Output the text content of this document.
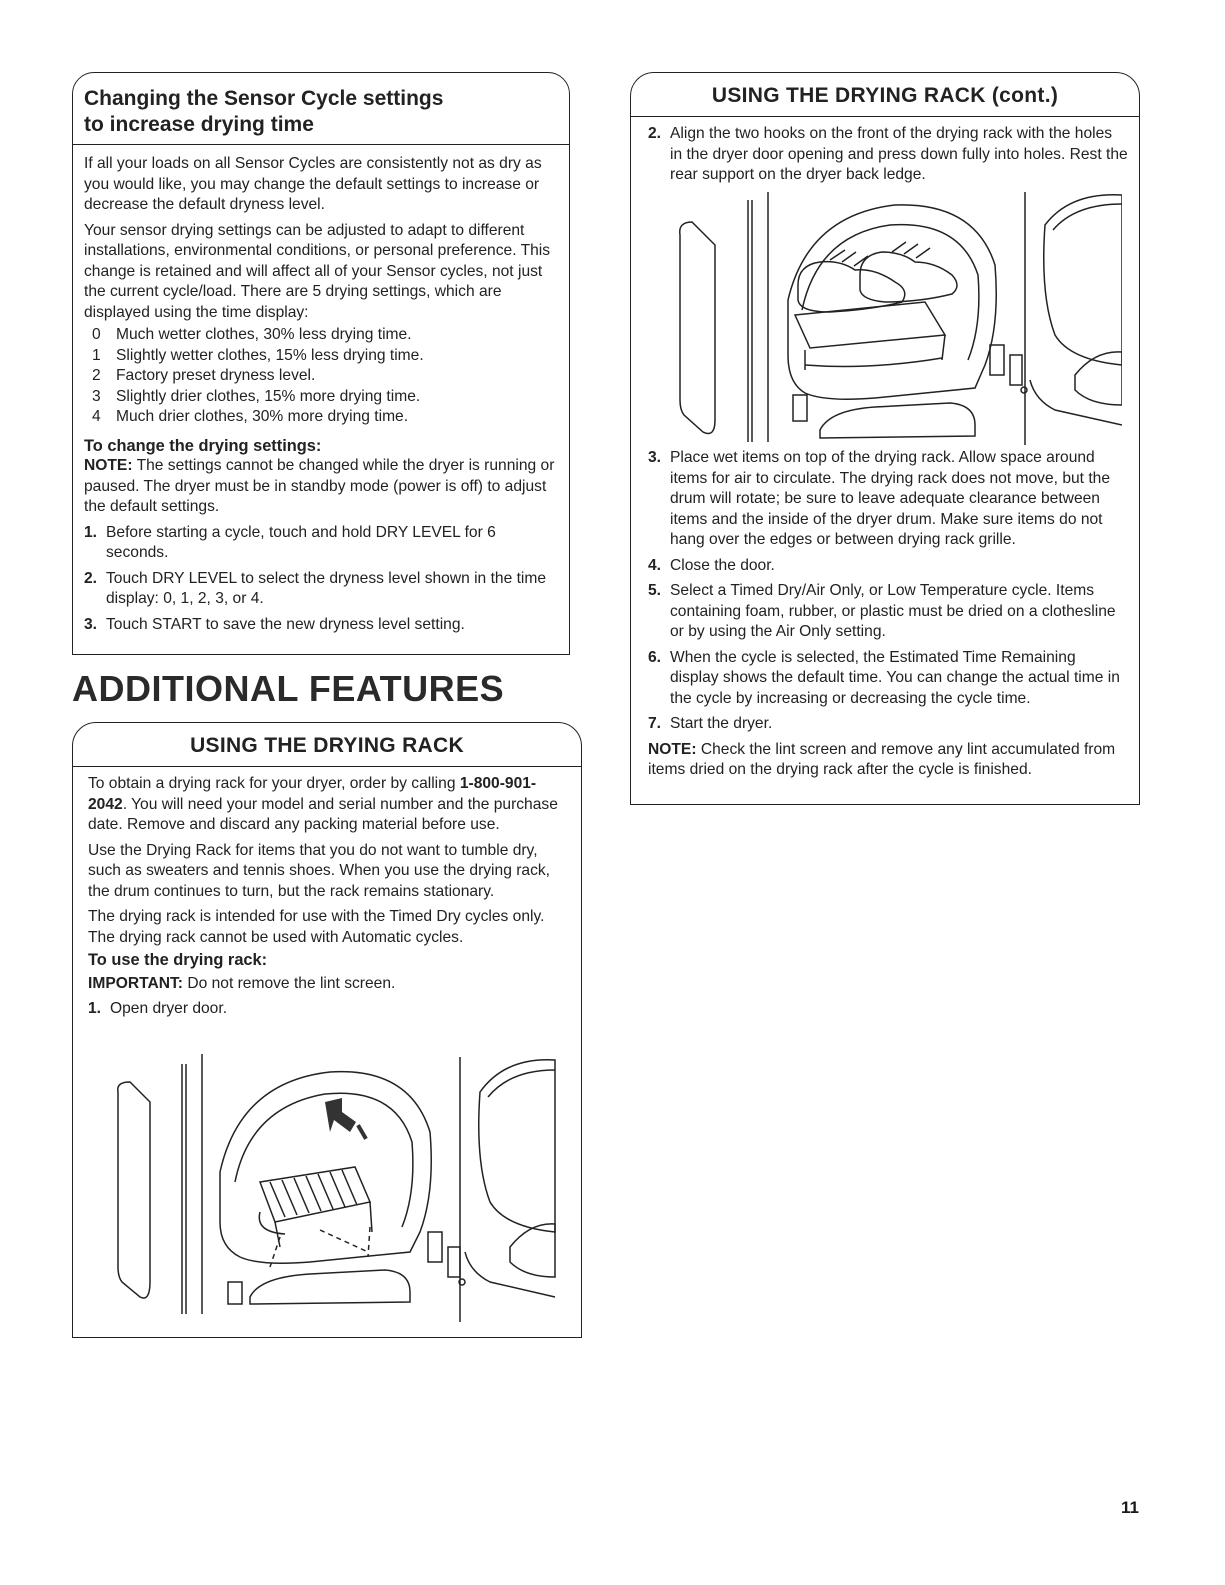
Changing the Sensor Cycle settings
to increase drying time

If all your loads on all Sensor Cycles are consistently not as dry as you would like, you may change the default settings to increase or decrease the default dryness level.

Your sensor drying settings can be adjusted to adapt to different installations, environmental conditions, or personal preference. This change is retained and will affect all of your Sensor cycles, not just the current cycle/load. There are 5 drying settings, which are displayed using the time display:

0 Much wetter clothes, 30% less drying time.
1 Slightly wetter clothes, 15% less drying time.
2 Factory preset dryness level.
3 Slightly drier clothes, 15% more drying time.
4 Much drier clothes, 30% more drying time.
To change the drying settings:

NOTE: The settings cannot be changed while the dryer is running or paused. The dryer must be in standby mode (power is off) to adjust the default settings.

1. Before starting a cycle, touch and hold DRY LEVEL for 6 seconds.
2. Touch DRY LEVEL to select the dryness level shown in the time display: 0, 1, 2, 3, or 4.
3. Touch START to save the new dryness level setting.
ADDITIONAL FEATURES
USING THE DRYING RACK

To obtain a drying rack for your dryer, order by calling 1-800-901-2042. You will need your model and serial number and the purchase date. Remove and discard any packing material before use.

Use the Drying Rack for items that you do not want to tumble dry, such as sweaters and tennis shoes. When you use the drying rack, the drum continues to turn, but the rack remains stationary.

The drying rack is intended for use with the Timed Dry cycles only. The drying rack cannot be used with Automatic cycles.

To use the drying rack:

IMPORTANT: Do not remove the lint screen.

1. Open dryer door.
USING THE DRYING RACK (cont.)
2. Align the two hooks on the front of the drying rack with the holes in the dryer door opening and press down fully into holes. Rest the rear support on the dryer back ledge.
3. Place wet items on top of the drying rack. Allow space around items for air to circulate. The drying rack does not move, but the drum will rotate; be sure to leave adequate clearance between items and the inside of the dryer drum. Make sure items do not hang over the edges or between drying rack grille.
4. Close the door.
5. Select a Timed Dry/Air Only, or Low Temperature cycle. Items containing foam, rubber, or plastic must be dried on a clothesline or by using the Air Only setting.
6. When the cycle is selected, the Estimated Time Remaining display shows the default time. You can change the actual time in the cycle by increasing or decreasing the cycle time.
7. Start the dryer.

NOTE: Check the lint screen and remove any lint accumulated from items dried on the drying rack after the cycle is finished.

11
